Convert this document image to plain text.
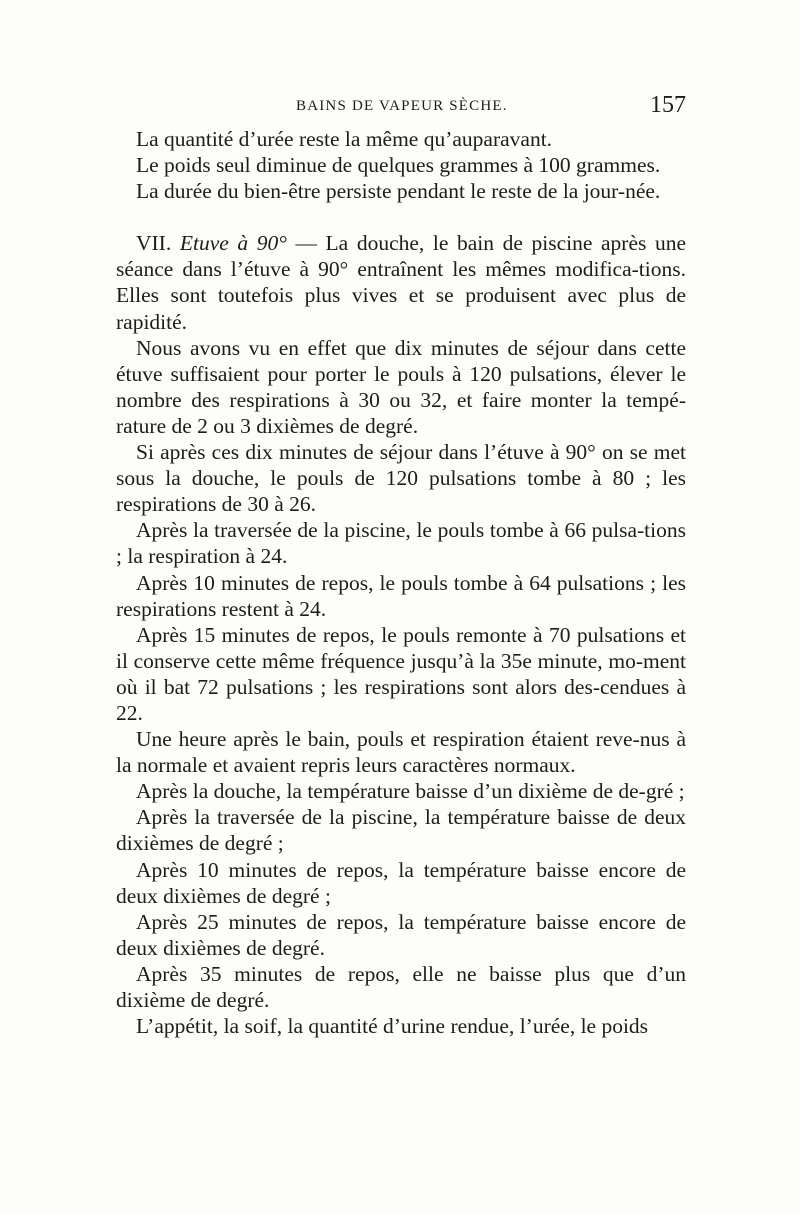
BAINS DE VAPEUR SÈCHE.	157

La quantité d’urée reste la même qu’auparavant.

Le poids seul diminue de quelques grammes à 100 grammes.

La durée du bien-être persiste pendant le reste de la jour-née.

VII. Etuve à 90° — La douche, le bain de piscine après une séance dans l’étuve à 90° entraînent les mêmes modifica-tions. Elles sont toutefois plus vives et se produisent avec plus de rapidité.

Nous avons vu en effet que dix minutes de séjour dans cette étuve suffisaient pour porter le pouls à 120 pulsations, élever le nombre des respirations à 30 ou 32, et faire monter la tempé-rature de 2 ou 3 dixièmes de degré.

Si après ces dix minutes de séjour dans l’étuve à 90° on se met sous la douche, le pouls de 120 pulsations tombe à 80 ; les respirations de 30 à 26.

Après la traversée de la piscine, le pouls tombe à 66 pulsa-tions ; la respiration à 24.

Après 10 minutes de repos, le pouls tombe à 64 pulsations ; les respirations restent à 24.

Après 15 minutes de repos, le pouls remonte à 70 pulsations et il conserve cette même fréquence jusqu’à la 35e minute, mo-ment où il bat 72 pulsations ; les respirations sont alors des-cendues à 22.

Une heure après le bain, pouls et respiration étaient reve-nus à la normale et avaient repris leurs caractères normaux.

Après la douche, la température baisse d’un dixième de de-gré ;

Après la traversée de la piscine, la température baisse de deux dixièmes de degré ;

Après 10 minutes de repos, la température baisse encore de deux dixièmes de degré ;

Après 25 minutes de repos, la température baisse encore de deux dixièmes de degré.

Après 35 minutes de repos, elle ne baisse plus que d’un dixième de degré.

L’appétit, la soif, la quantité d’urine rendue, l’urée, le poids
